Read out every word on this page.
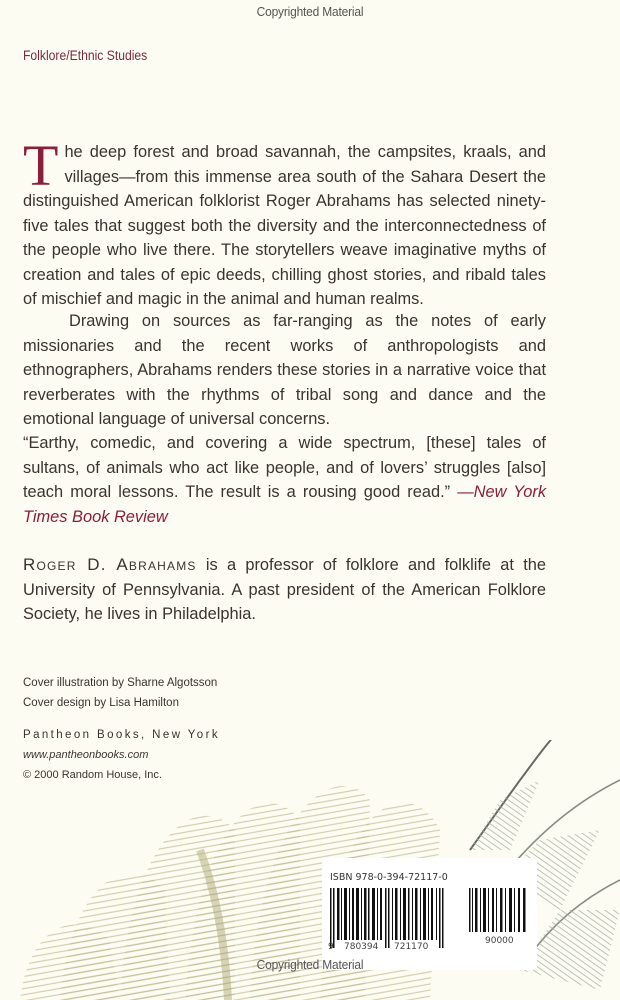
Copyrighted Material
Folklore/Ethnic Studies
T he deep forest and broad savannah, the campsites, kraals, and villages—from this immense area south of the Sahara Desert the distinguished American folklorist Roger Abrahams has selected ninety-five tales that suggest both the diversity and the interconnectedness of the people who live there. The storytellers weave imaginative myths of creation and tales of epic deeds, chilling ghost stories, and ribald tales of mischief and magic in the animal and human realms.
Drawing on sources as far-ranging as the notes of early missionaries and the recent works of anthropologists and ethnographers, Abrahams renders these stories in a narrative voice that reverberates with the rhythms of tribal song and dance and the emotional language of universal concerns.
“Earthy, comedic, and covering a wide spectrum, [these] tales of sultans, of animals who act like people, and of lovers’ struggles [also] teach moral lessons. The result is a rousing good read.” —New York Times Book Review
Roger D. Abrahams is a professor of folklore and folklife at the University of Pennsylvania. A past president of the American Folklore Society, he lives in Philadelphia.
Cover illustration by Sharne Algotsson
Cover design by Lisa Hamilton
Pantheon Books, New York
www.pantheonbooks.com
© 2000 Random House, Inc.
ISBN 978-0-394-72117-0
9 780394 721170
90000
Copyrighted Material
